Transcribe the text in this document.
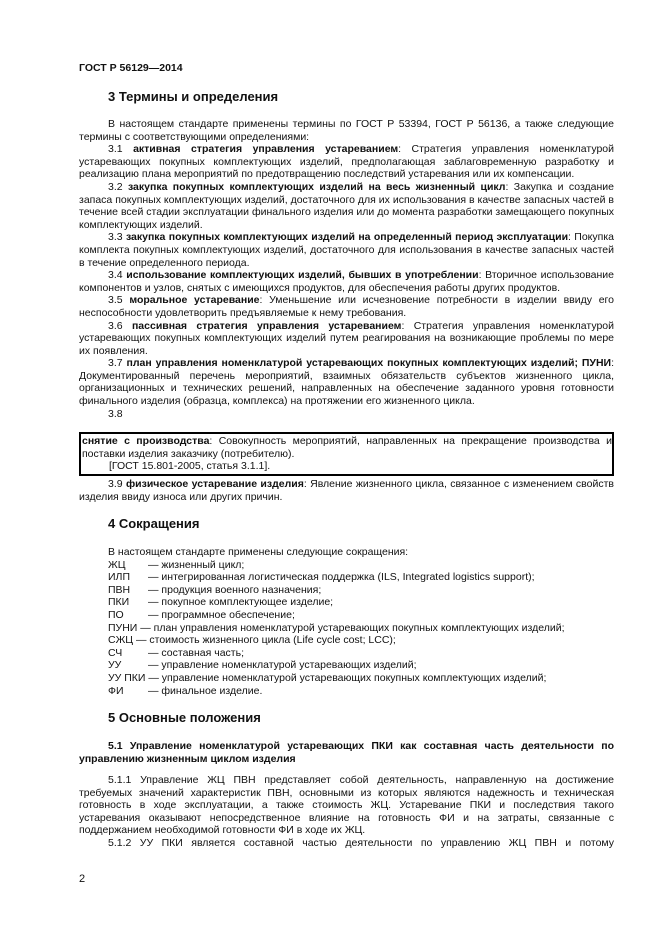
ГОСТ Р 56129—2014
3 Термины и определения

В настоящем стандарте применены термины по ГОСТ Р 53394, ГОСТ Р 56136, а также следующие термины с соответствующими определениями:

3.1 активная стратегия управления устареванием: Стратегия управления номенклатурой устаревающих покупных комплектующих изделий, предполагающая заблаговременную разработку и реализацию плана мероприятий по предотвращению последствий устаревания или их компенсации.

3.2 закупка покупных комплектующих изделий на весь жизненный цикл: Закупка и создание запаса покупных комплектующих изделий, достаточного для их использования в качестве запасных частей в течение всей стадии эксплуатации финального изделия или до момента разработки замещающего покупных комплектующих изделий.

3.3 закупка покупных комплектующих изделий на определенный период эксплуатации: Покупка комплекта покупных комплектующих изделий, достаточного для использования в качестве запасных частей в течение определенного периода.

3.4 использование комплектующих изделий, бывших в употреблении: Вторичное использование компонентов и узлов, снятых с имеющихся продуктов, для обеспечения работы других продуктов.

3.5 моральное устаревание: Уменьшение или исчезновение потребности в изделии ввиду его неспособности удовлетворить предъявляемые к нему требования.

3.6 пассивная стратегия управления устареванием: Стратегия управления номенклатурой устаревающих покупных комплектующих изделий путем реагирования на возникающие проблемы по мере их появления.

3.7 план управления номенклатурой устаревающих покупных комплектующих изделий; ПУНИ: Документированный перечень мероприятий, взаимных обязательств субъектов жизненного цикла, организационных и технических решений, направленных на обеспечение заданного уровня готовности финального изделия (образца, комплекса) на протяжении его жизненного цикла.

3.8

снятие с производства: Совокупность мероприятий, направленных на прекращение производства и поставки изделия заказчику (потребителю).

[ГОСТ 15.801-2005, статья 3.1.1].

3.9 физическое устаревание изделия: Явление жизненного цикла, связанное с изменением свойств изделия ввиду износа или других причин.

4 Сокращения
В настоящем стандарте применены следующие сокращения:
ЖЦ	— жизненный цикл;
ИЛП	— интегрированная логистическая поддержка (ILS, Integrated logistics support);
ПВН	— продукция военного назначения;
ПКИ	— покупное комплектующее изделие;
ПО	— программное обеспечение;
ПУНИ — план управления номенклатурой устаревающих покупных комплектующих изделий;
СЖЦ — стоимость жизненного цикла (Life cycle cost; LCC);
СЧ	— составная часть;
УУ	— управление номенклатурой устаревающих изделий;
УУ ПКИ — управление номенклатурой устаревающих покупных комплектующих изделий;
ФИ	— финальное изделие.
5 Основные положения

5.1 Управление номенклатурой устаревающих ПКИ как составная часть деятельности по управлению жизненным циклом изделия

5.1.1 Управление ЖЦ ПВН представляет собой деятельность, направленную на достижение требуемых значений характеристик ПВН, основными из которых являются надежность и техническая готовность в ходе эксплуатации, а также стоимость ЖЦ. Устаревание ПКИ и последствия такого устаревания оказывают непосредственное влияние на готовность ФИ и на затраты, связанные с поддержанием необходимой готовности ФИ в ходе их ЖЦ.

5.1.2 УУ ПКИ является составной частью деятельности по управлению ЖЦ ПВН и потому

2
